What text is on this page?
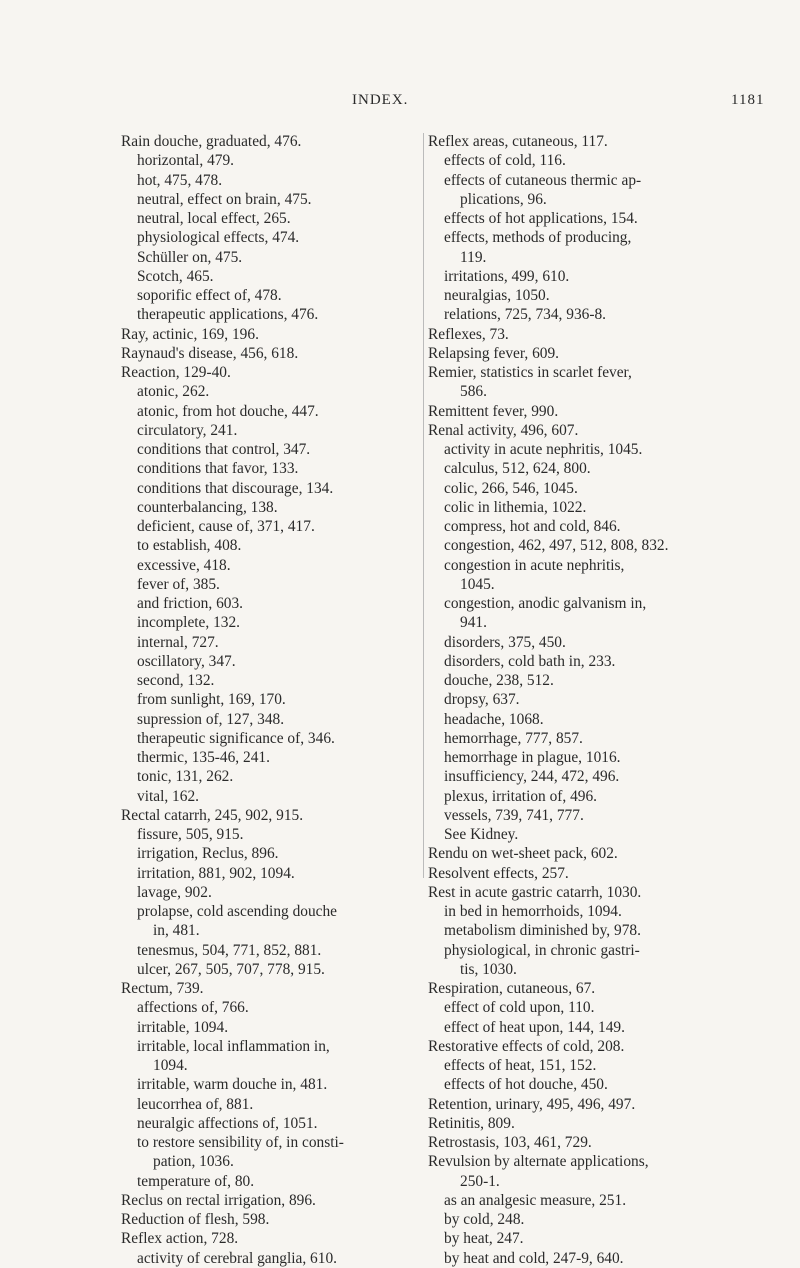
INDEX.	1181
Rain douche, graduated, 476.
horizontal, 479.
hot, 475, 478.
neutral, effect on brain, 475.
neutral, local effect, 265.
physiological effects, 474.
Schüller on, 475.
Scotch, 465.
soporific effect of, 478.
therapeutic applications, 476.
Ray, actinic, 169, 196.
Raynaud's disease, 456, 618.
Reaction, 129-40.
atonic, 262.
atonic, from hot douche, 447.
circulatory, 241.
conditions that control, 347.
conditions that favor, 133.
conditions that discourage, 134.
counterbalancing, 138.
deficient, cause of, 371, 417.
to establish, 408.
excessive, 418.
fever of, 385.
and friction, 603.
incomplete, 132.
internal, 727.
oscillatory, 347.
second, 132.
from sunlight, 169, 170.
supression of, 127, 348.
therapeutic significance of, 346.
thermic, 135-46, 241.
tonic, 131, 262.
vital, 162.
Rectal catarrh, 245, 902, 915.
fissure, 505, 915.
irrigation, Reclus, 896.
irritation, 881, 902, 1094.
lavage, 902.
prolapse, cold ascending douche
in, 481.
tenesmus, 504, 771, 852, 881.
ulcer, 267, 505, 707, 778, 915.
Rectum, 739.
affections of, 766.
irritable, 1094.
irritable, local inflammation in,
1094.
irritable, warm douche in, 481.
leucorrhea of, 881.
neuralgic affections of, 1051.
to restore sensibility of, in consti-
pation, 1036.
temperature of, 80.
Reclus on rectal irrigation, 896.
Reduction of flesh, 598.
Reflex action, 728.
activity of cerebral ganglia, 610.
Reflex areas, cutaneous, 117.
effects of cold, 116.
effects of cutaneous thermic ap-
plications, 96.
effects of hot applications, 154.
effects, methods of producing,
119.
irritations, 499, 610.
neuralgias, 1050.
relations, 725, 734, 936-8.
Reflexes, 73.
Relapsing fever, 609.
Remier, statistics in scarlet fever,
586.
Remittent fever, 990.
Renal activity, 496, 607.
activity in acute nephritis, 1045.
calculus, 512, 624, 800.
colic, 266, 546, 1045.
colic in lithemia, 1022.
compress, hot and cold, 846.
congestion, 462, 497, 512, 808, 832.
congestion in acute nephritis,
1045.
congestion, anodic galvanism in,
941.
disorders, 375, 450.
disorders, cold bath in, 233.
douche, 238, 512.
dropsy, 637.
headache, 1068.
hemorrhage, 777, 857.
hemorrhage in plague, 1016.
insufficiency, 244, 472, 496.
plexus, irritation of, 496.
vessels, 739, 741, 777.
See Kidney.
Rendu on wet-sheet pack, 602.
Resolvent effects, 257.
Rest in acute gastric catarrh, 1030.
in bed in hemorrhoids, 1094.
metabolism diminished by, 978.
physiological, in chronic gastri-
tis, 1030.
Respiration, cutaneous, 67.
effect of cold upon, 110.
effect of heat upon, 144, 149.
Restorative effects of cold, 208.
effects of heat, 151, 152.
effects of hot douche, 450.
Retention, urinary, 495, 496, 497.
Retinitis, 809.
Retrostasis, 103, 461, 729.
Revulsion by alternate applications,
250-1.
as an analgesic measure, 251.
by cold, 248.
by heat, 247.
by heat and cold, 247-9, 640.
